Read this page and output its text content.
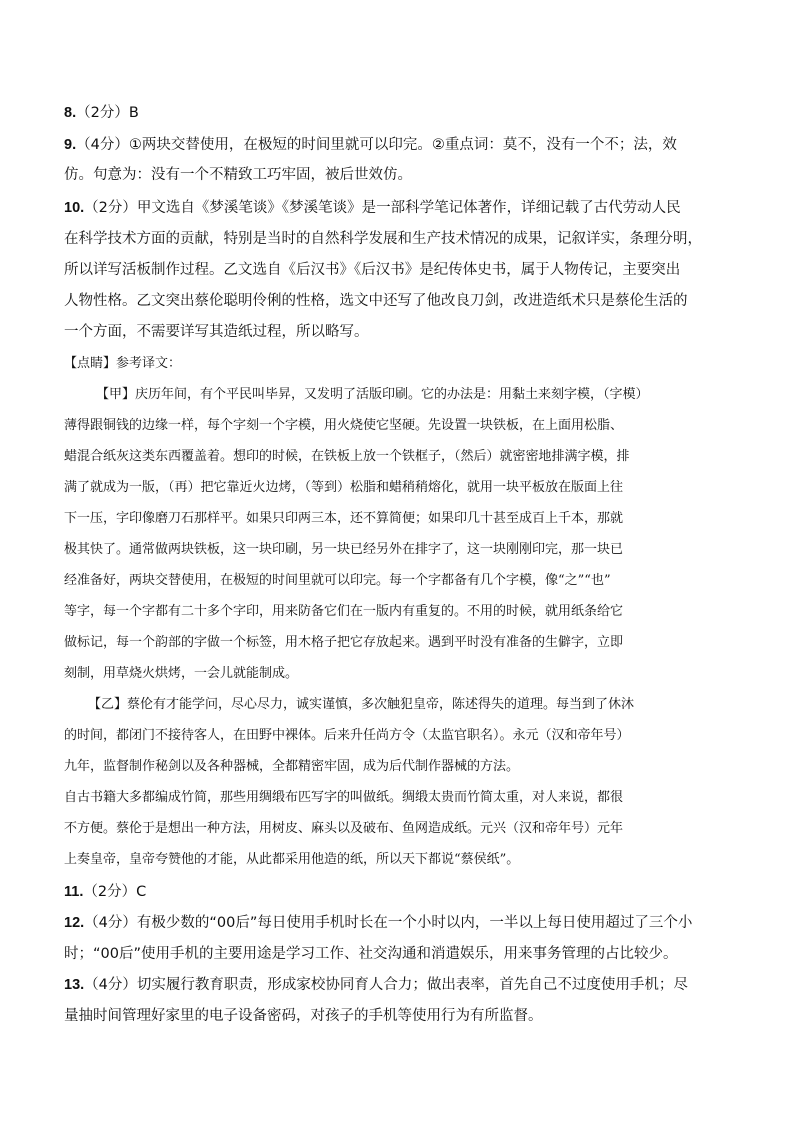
8.（2分）B
9.（4分）①两块交替使用，在极短的时间里就可以印完。②重点词：莫不，没有一个不；法，效
仿。句意为：没有一个不精致工巧牢固，被后世效仿。
10.（2分）甲文选自《梦溪笔谈》《梦溪笔谈》是一部科学笔记体著作，详细记载了古代劳动人民
在科学技术方面的贡献，特别是当时的自然科学发展和生产技术情况的成果，记叙详实，条理分明，
所以详写活板制作过程。乙文选自《后汉书》《后汉书》是纪传体史书，属于人物传记，主要突出
人物性格。乙文突出蔡伦聪明伶俐的性格，选文中还写了他改良刀剑，改进造纸术只是蔡伦生活的
一个方面，不需要详写其造纸过程，所以略写。
【点睛】参考译文：
【甲】庆历年间，有个平民叫毕昇，又发明了活版印刷。它的办法是：用黏土来刻字模，（字模）
薄得跟铜钱的边缘一样，每个字刻一个字模，用火烧使它坚硬。先设置一块铁板，在上面用松脂、
蜡混合纸灰这类东西覆盖着。想印的时候，在铁板上放一个铁框子，（然后）就密密地排满字模，排
满了就成为一版，（再）把它靠近火边烤，（等到）松脂和蜡稍稍熔化，就用一块平板放在版面上往
下一压，字印像磨刀石那样平。如果只印两三本，还不算简便；如果印几十甚至成百上千本，那就
极其快了。通常做两块铁板，这一块印刷，另一块已经另外在排字了，这一块刚刚印完，那一块已
经准备好，两块交替使用，在极短的时间里就可以印完。每一个字都备有几个字模，像“之”“也”
等字，每一个字都有二十多个字印，用来防备它们在一版内有重复的。不用的时候，就用纸条给它
做标记，每一个韵部的字做一个标签，用木格子把它存放起来。遇到平时没有准备的生僻字，立即
刻制，用草烧火烘烤，一会儿就能制成。
【乙】蔡伦有才能学问，尽心尽力，诚实谨慎，多次触犯皇帝，陈述得失的道理。每当到了休沐
的时间，都闭门不接待客人，在田野中裸体。后来升任尚方令（太监官职名）。永元（汉和帝年号）
九年，监督制作秘剑以及各种器械，全都精密牢固，成为后代制作器械的方法。
自古书籍大多都编成竹简，那些用绸缎布匹写字的叫做纸。绸缎太贵而竹简太重，对人来说，都很
不方便。蔡伦于是想出一种方法，用树皮、麻头以及破布、鱼网造成纸。元兴（汉和帝年号）元年
上奏皇帝，皇帝夸赞他的才能，从此都采用他造的纸，所以天下都说“蔡侯纸”。
11.（2分）C
12.（4分）有极少数的“00后”每日使用手机时长在一个小时以内，一半以上每日使用超过了三个小
时；“00后”使用手机的主要用途是学习工作、社交沟通和消遣娱乐，用来事务管理的占比较少。
13.（4分）切实履行教育职责，形成家校协同育人合力；做出表率，首先自己不过度使用手机；尽
量抽时间管理好家里的电子设备密码，对孩子的手机等使用行为有所监督。
